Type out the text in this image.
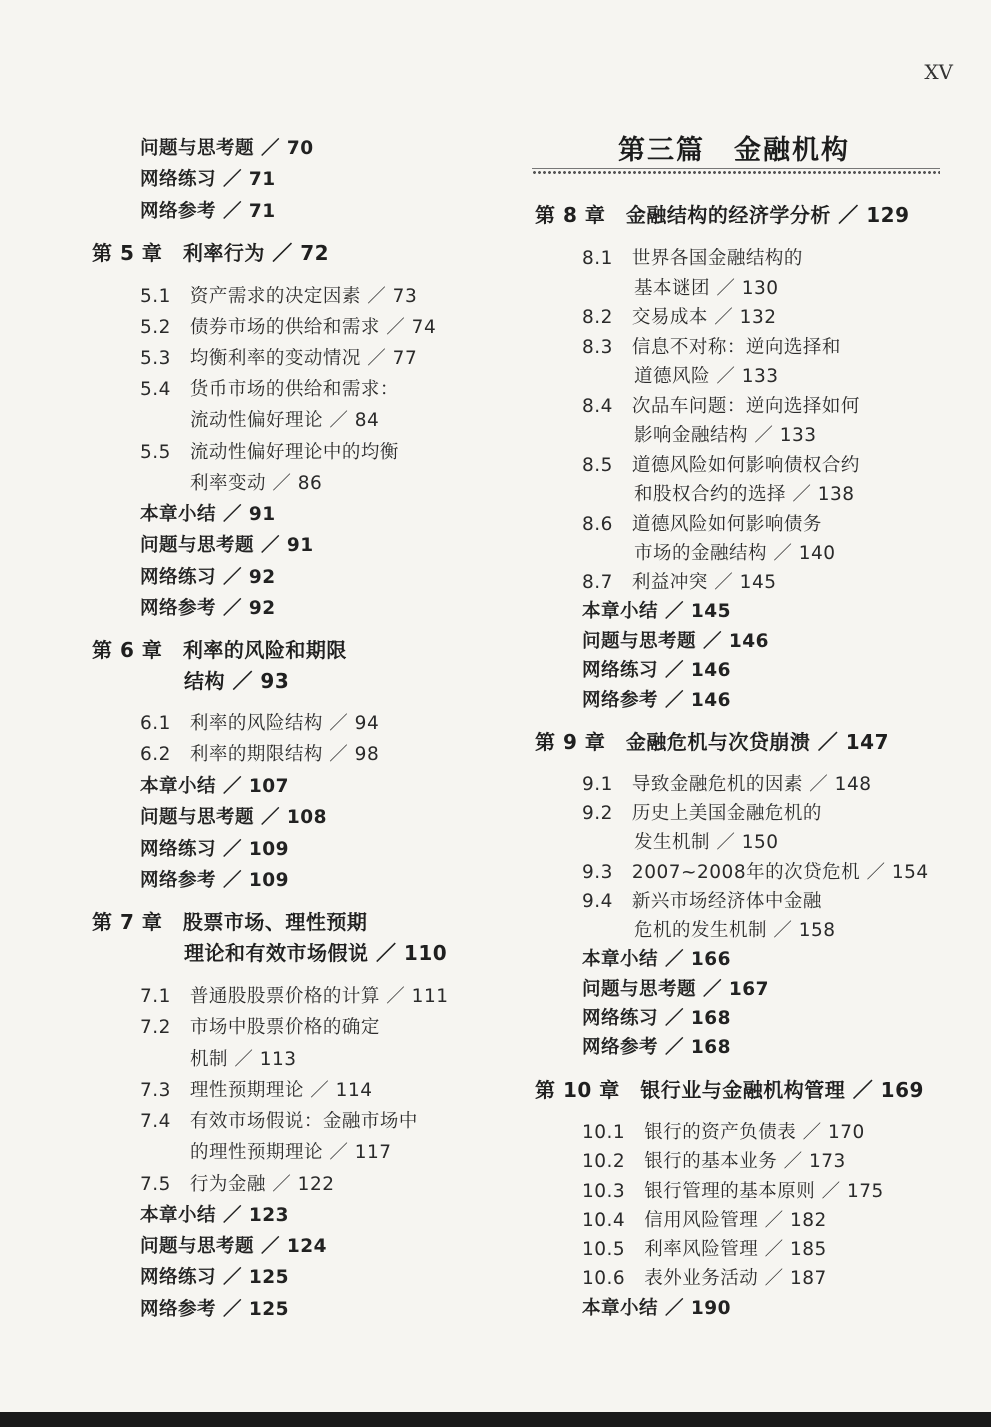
XV
问题与思考题 ／ 70
网络练习 ／ 71
网络参考 ／ 71
第 5 章　利率行为 ／ 72
5.1　资产需求的决定因素 ／ 73
5.2　债券市场的供给和需求 ／ 74
5.3　均衡利率的变动情况 ／ 77
5.4　货币市场的供给和需求：
流动性偏好理论 ／ 84
5.5　流动性偏好理论中的均衡
利率变动 ／ 86
本章小结 ／ 91
问题与思考题 ／ 91
网络练习 ／ 92
网络参考 ／ 92
第 6 章　利率的风险和期限
结构 ／ 93
6.1　利率的风险结构 ／ 94
6.2　利率的期限结构 ／ 98
本章小结 ／ 107
问题与思考题 ／ 108
网络练习 ／ 109
网络参考 ／ 109
第 7 章　股票市场、理性预期
理论和有效市场假说 ／ 110
7.1　普通股股票价格的计算 ／ 111
7.2　市场中股票价格的确定
机制 ／ 113
7.3　理性预期理论 ／ 114
7.4　有效市场假说：金融市场中
的理性预期理论 ／ 117
7.5　行为金融 ／ 122
本章小结 ／ 123
问题与思考题 ／ 124
网络练习 ／ 125
网络参考 ／ 125
第三篇　金融机构
第 8 章　金融结构的经济学分析 ／ 129
8.1　世界各国金融结构的
基本谜团 ／ 130
8.2　交易成本 ／ 132
8.3　信息不对称：逆向选择和
道德风险 ／ 133
8.4　次品车问题：逆向选择如何
影响金融结构 ／ 133
8.5　道德风险如何影响债权合约
和股权合约的选择 ／ 138
8.6　道德风险如何影响债务
市场的金融结构 ／ 140
8.7　利益冲突 ／ 145
本章小结 ／ 145
问题与思考题 ／ 146
网络练习 ／ 146
网络参考 ／ 146
第 9 章　金融危机与次贷崩溃 ／ 147
9.1　导致金融危机的因素 ／ 148
9.2　历史上美国金融危机的
发生机制 ／ 150
9.3　2007~2008年的次贷危机 ／ 154
9.4　新兴市场经济体中金融
危机的发生机制 ／ 158
本章小结 ／ 166
问题与思考题 ／ 167
网络练习 ／ 168
网络参考 ／ 168
第 10 章　银行业与金融机构管理 ／ 169
10.1　银行的资产负债表 ／ 170
10.2　银行的基本业务 ／ 173
10.3　银行管理的基本原则 ／ 175
10.4　信用风险管理 ／ 182
10.5　利率风险管理 ／ 185
10.6　表外业务活动 ／ 187
本章小结 ／ 190
